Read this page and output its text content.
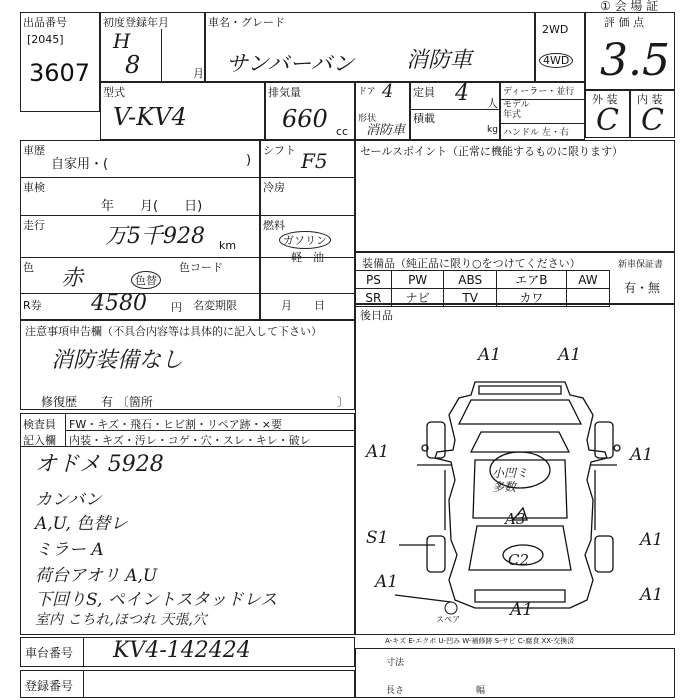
① 会 場 証
出品番号
[2045]
3607
初度登録年月
H
8	月
車名・グレード
サンバーバン 消防車
2WD
4WD
評 価 点
3.5
外 装
C
内 装
C
型式
V-KV4
排気量
660 cc
ドア 4
形状
消防車
定員 4 人
積載
kg
ディーラー・並行
モデル年式
ハンドル 左・右
車歴
自家用・(	)
車検
年　　月(　　日)
走行	万5千928 km
色 赤	色替
R券 4580 円
シフト F5
冷房
燃料
ガソリン
軽　油
色コード
名変期限	月　　日
セールスポイント（正常に機能するものに限ります）
装備品（純正品に限り○をつけてください）	新車保証書
有・無
PS	PW	ABS	エアB	AW
SR	ナビ	TV	カワ	
後日品
注意事項申告欄（不具合内容等は具体的に記入して下さい）
消防装備なし
修復歴　　有 〔箇所	〕
検査員
記入欄
FW・キズ・飛石・ヒビ割・リペア跡・×要
内装・キズ・汚レ・コゲ・穴・スレ・キレ・破レ
オドメ 5928
カンバン
A,U, 色替レ
ミラー A
荷台アオリ A,U
下回りS, ペイントスタッドレス
室内 こちれ,ほつれ 天張,穴
A1	A1
A1
S1
A1
A1
A1
A1
A1
小凹ミ 多数
A3
C2
スペア
車台番号 KV4-142424
登録番号
A-キズ E-エクボ U-凹み W-補修跡 S-サビ C-腐食 XX-交換済
寸法
長さ	幅
